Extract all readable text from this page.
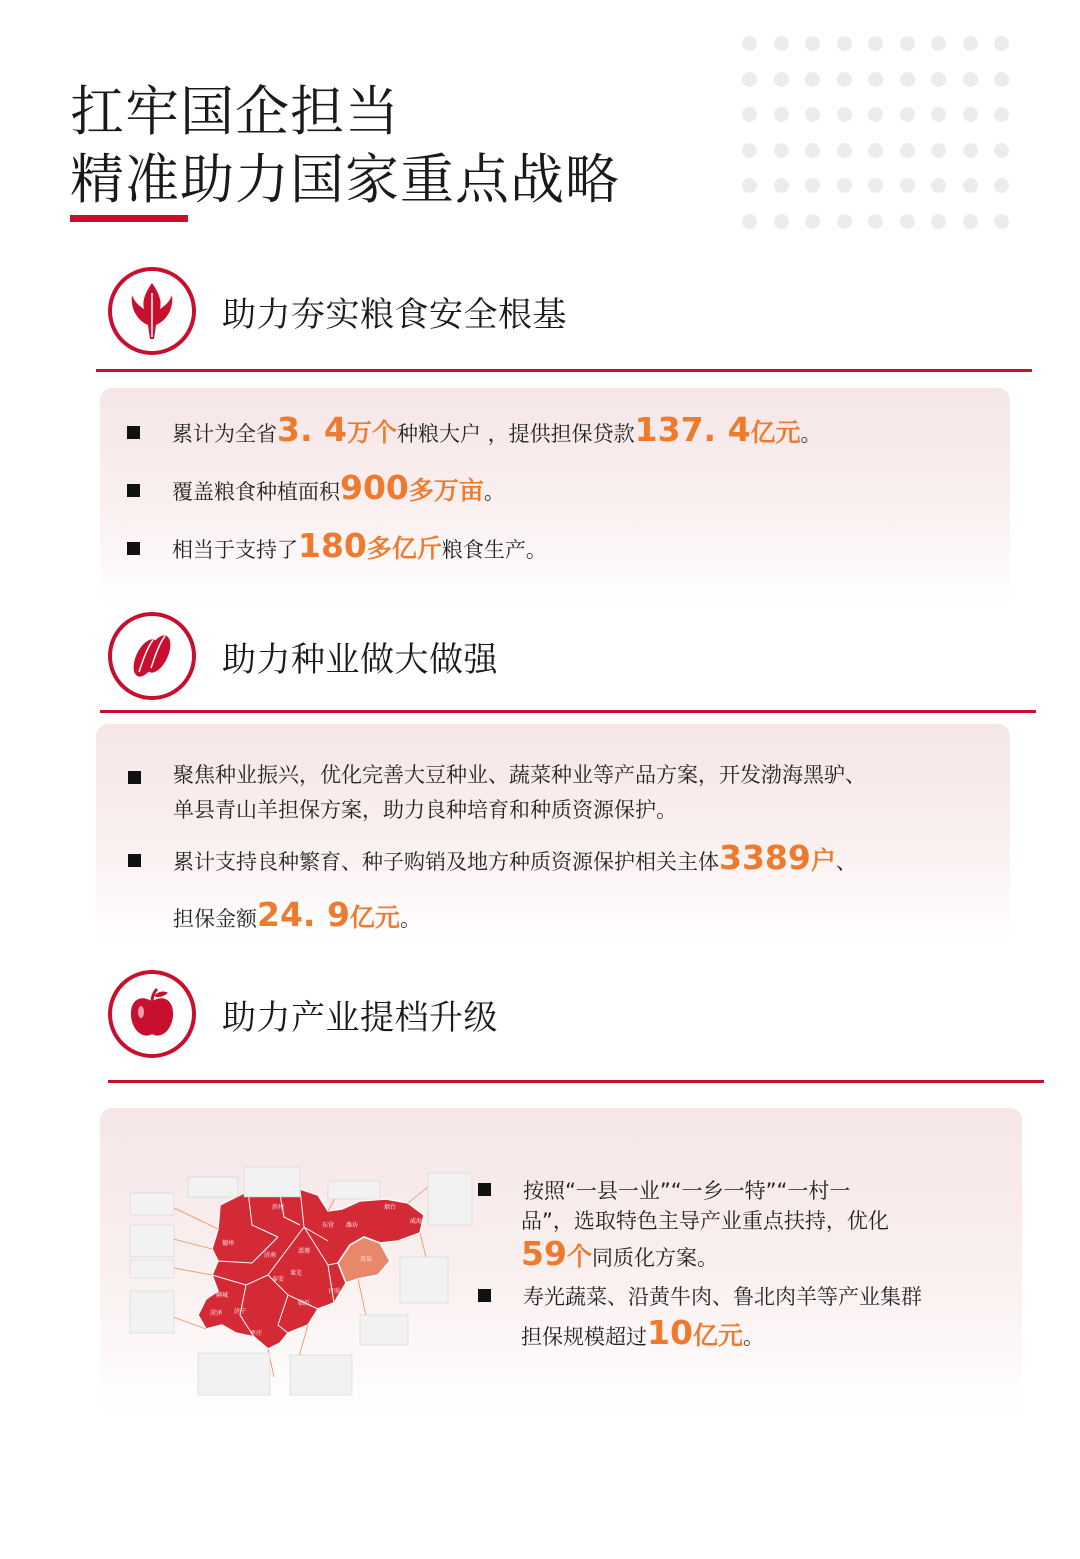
扛牢国企担当
精准助力国家重点战略
助力夯实粮食安全根基
累计为全省 3. 4 万个 种粮大户 ，提供担保贷款 137. 4 亿元 。
覆盖粮食种植面积 900 多万亩 。
相当于支持了 180 多亿斤 粮食生产。
助力种业做大做强
聚焦种业振兴，优化完善大豆种业、蔬菜种业等产品方案，开发渤海黑驴、
单县青山羊担保方案，助力良种培育和种质资源保护。
累计支持良种繁育、种子购销及地方种质资源保护相关主体 3389 户 、
担保金额 24. 9 亿元 。
助力产业提档升级
东营
滨州
德州
聊城
济南
淄博
潍坊
烟台
威海
青岛
日照
临沂
枣庄
济宁
菏泽
泰安
莱芜
按照“一县一业”“一乡一特”“一村一
品”，选取特色主导产业重点扶持，优化
59 个 同质化方案。
寿光蔬菜、沿黄牛肉、鲁北肉羊等产业集群
担保规模超过 10 亿元 。
